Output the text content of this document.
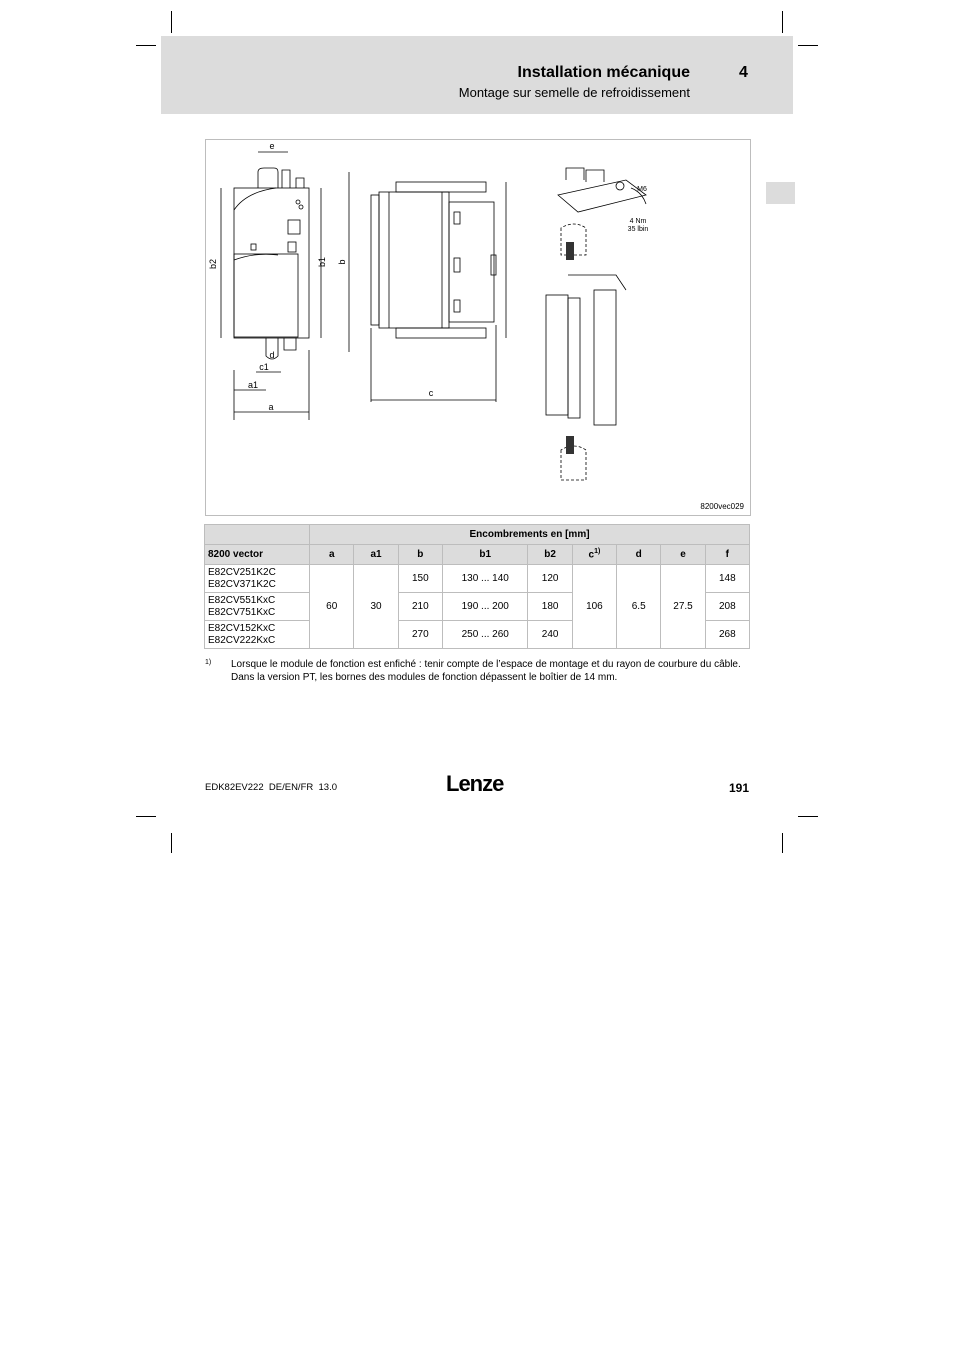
Installation mécanique	4
Montage sur semelle de refroidissement
e
b2	b1 b
d
c1
a1
a
c
M6
4 Nm
35 lbin
8200vec029
	Encombrements en [mm]								
8200 vector	a	a1	b	b1	b2	$c^{1)}$	d	e	f

E82CV251K2C
E82CV371K2C	60	30	150	130 ... 140	120	106	6.5	27.5	148

E82CV551KxC
E82CV751KxC			210	190 ... 200	180				208

E82CV152KxC
E82CV222KxC			270	250 ... 260	240				268
1) Lorsque le module de fonction est enfiché : tenir compte de l’espace de montage et du rayon de courbure du câble. Dans la version PT, les bornes des modules de fonction dépassent le boîtier de 14 mm.
EDK82EV222  DE/EN/FR  13.0	Lenze	191
